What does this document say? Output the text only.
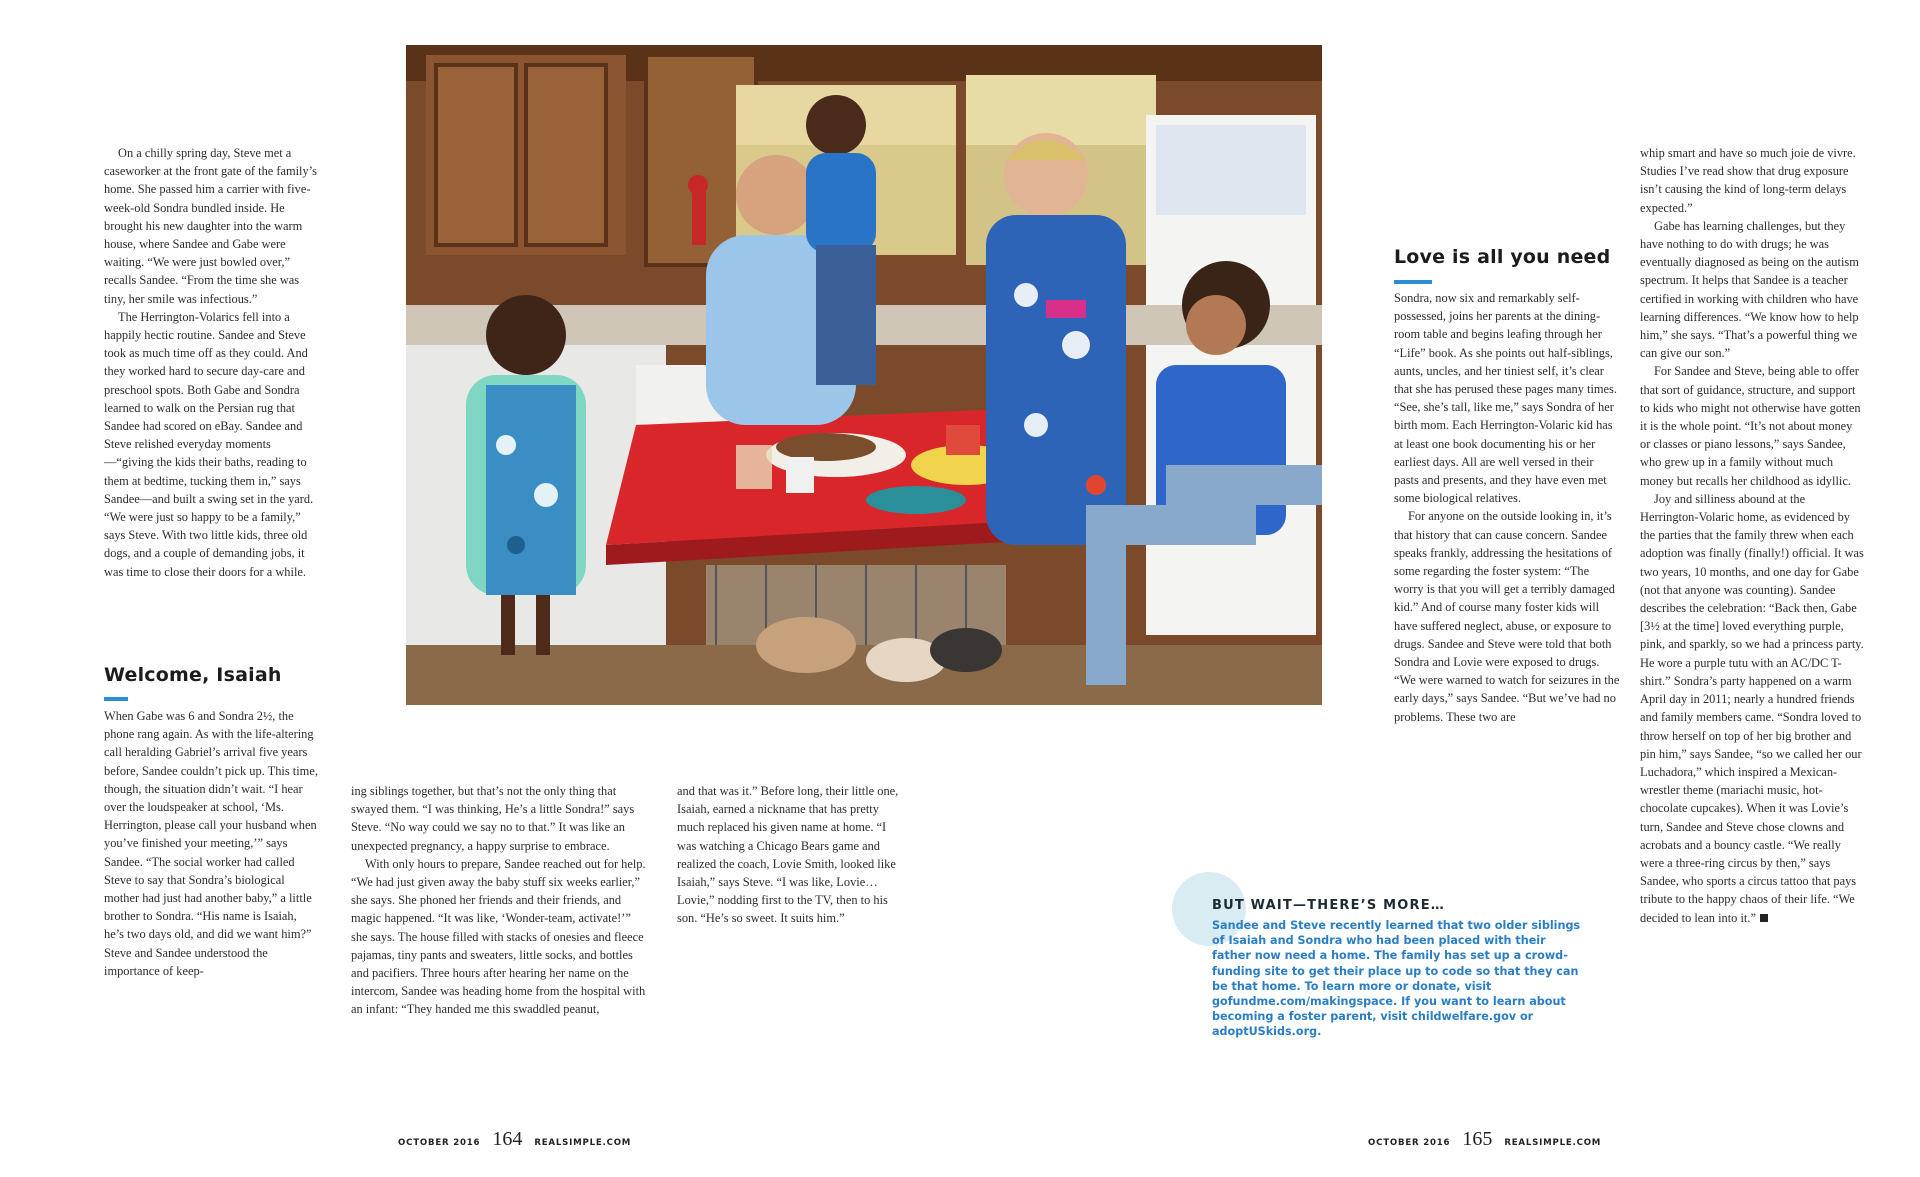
On a chilly spring day, Steve met a caseworker at the front gate of the family’s home. She passed him a carrier with five-week-old Sondra bundled inside. He brought his new daughter into the warm house, where Sandee and Gabe were waiting. “We were just bowled over,” recalls Sandee. “From the time she was tiny, her smile was infectious.”

The Herrington-Volarics fell into a happily hectic routine. Sandee and Steve took as much time off as they could. And they worked hard to secure day-care and preschool spots. Both Gabe and Sondra learned to walk on the Persian rug that Sandee had scored on eBay. Sandee and Steve relished everyday moments—“giving the kids their baths, reading to them at bedtime, tucking them in,” says Sandee—and built a swing set in the yard. “We were just so happy to be a family,” says Steve. With two little kids, three old dogs, and a couple of demanding jobs, it was time to close their doors for a while.

Welcome, Isaiah

When Gabe was 6 and Sondra 2½, the phone rang again. As with the life-altering call heralding Gabriel’s arrival five years before, Sandee couldn’t pick up. This time, though, the situation didn’t wait. “I hear over the loudspeaker at school, ‘Ms. Herrington, please call your husband when you’ve finished your meeting,’” says Sandee. “The social worker had called Steve to say that Sondra’s biological mother had just had another baby,” a little brother to Sondra. “His name is Isaiah, he’s two days old, and did we want him?” Steve and Sandee understood the importance of keep-

ing siblings together, but that’s not the only thing that swayed them. “I was thinking, He’s a little Sondra!” says Steve. “No way could we say no to that.” It was like an unexpected pregnancy, a happy surprise to embrace.

With only hours to prepare, Sandee reached out for help. “We had just given away the baby stuff six weeks earlier,” she says. She phoned her friends and their friends, and magic happened. “It was like, ‘Wonder-team, activate!’” she says. The house filled with stacks of onesies and fleece pajamas, tiny pants and sweaters, little socks, and bottles and pacifiers. Three hours after hearing her name on the intercom, Sandee was heading home from the hospital with an infant: “They handed me this swaddled peanut,

and that was it.” Before long, their little one, Isaiah, earned a nickname that has pretty much replaced his given name at home. “I was watching a Chicago Bears game and realized the coach, Lovie Smith, looked like Isaiah,” says Steve. “I was like, Lovie…Lovie,” nodding first to the TV, then to his son. “He’s so sweet. It suits him.”

OCTOBER 2016 164 REALSIMPLE.COM
Love is all you need

Sondra, now six and remarkably self-possessed, joins her parents at the dining-room table and begins leafing through her “Life” book. As she points out half-siblings, aunts, uncles, and her tiniest self, it’s clear that she has perused these pages many times. “See, she’s tall, like me,” says Sondra of her birth mom. Each Herrington-Volaric kid has at least one book documenting his or her earliest days. All are well versed in their pasts and presents, and they have even met some biological relatives.

For anyone on the outside looking in, it’s that history that can cause concern. Sandee speaks frankly, addressing the hesitations of some regarding the foster system: “The worry is that you will get a terribly damaged kid.” And of course many foster kids will have suffered neglect, abuse, or exposure to drugs. Sandee and Steve were told that both Sondra and Lovie were exposed to drugs. “We were warned to watch for seizures in the early days,” says Sandee. “But we’ve had no problems. These two are

whip smart and have so much joie de vivre. Studies I’ve read show that drug exposure isn’t causing the kind of long-term delays expected.”

Gabe has learning challenges, but they have nothing to do with drugs; he was eventually diagnosed as being on the autism spectrum. It helps that Sandee is a teacher certified in working with children who have learning differences. “We know how to help him,” she says. “That’s a powerful thing we can give our son.”

For Sandee and Steve, being able to offer that sort of guidance, structure, and support to kids who might not otherwise have gotten it is the whole point. “It’s not about money or classes or piano lessons,” says Sandee, who grew up in a family without much money but recalls her childhood as idyllic.

Joy and silliness abound at the Herrington-Volaric home, as evidenced by the parties that the family threw when each adoption was finally (finally!) official. It was two years, 10 months, and one day for Gabe (not that anyone was counting). Sandee describes the celebration: “Back then, Gabe [3½ at the time] loved everything purple, pink, and sparkly, so we had a princess party. He wore a purple tutu with an AC/DC T-shirt.” Sondra’s party happened on a warm April day in 2011; nearly a hundred friends and family members came. “Sondra loved to throw herself on top of her big brother and pin him,” says Sandee, “so we called her our Luchadora,” which inspired a Mexican-wrestler theme (mariachi music, hot-chocolate cupcakes). When it was Lovie’s turn, Sandee and Steve chose clowns and acrobats and a bouncy castle. “We really were a three-ring circus by then,” says Sandee, who sports a circus tattoo that pays tribute to the happy chaos of their life. “We decided to lean into it.”

BUT WAIT—THERE’S MORE…
Sandee and Steve recently learned that two older siblings of Isaiah and Sondra who had been placed with their father now need a home. The family has set up a crowd-funding site to get their place up to code so that they can be that home. To learn more or donate, visit gofundme.com/makingspace. If you want to learn about becoming a foster parent, visit childwelfare.gov or adoptUSkids.org.
OCTOBER 2016 165 REALSIMPLE.COM
